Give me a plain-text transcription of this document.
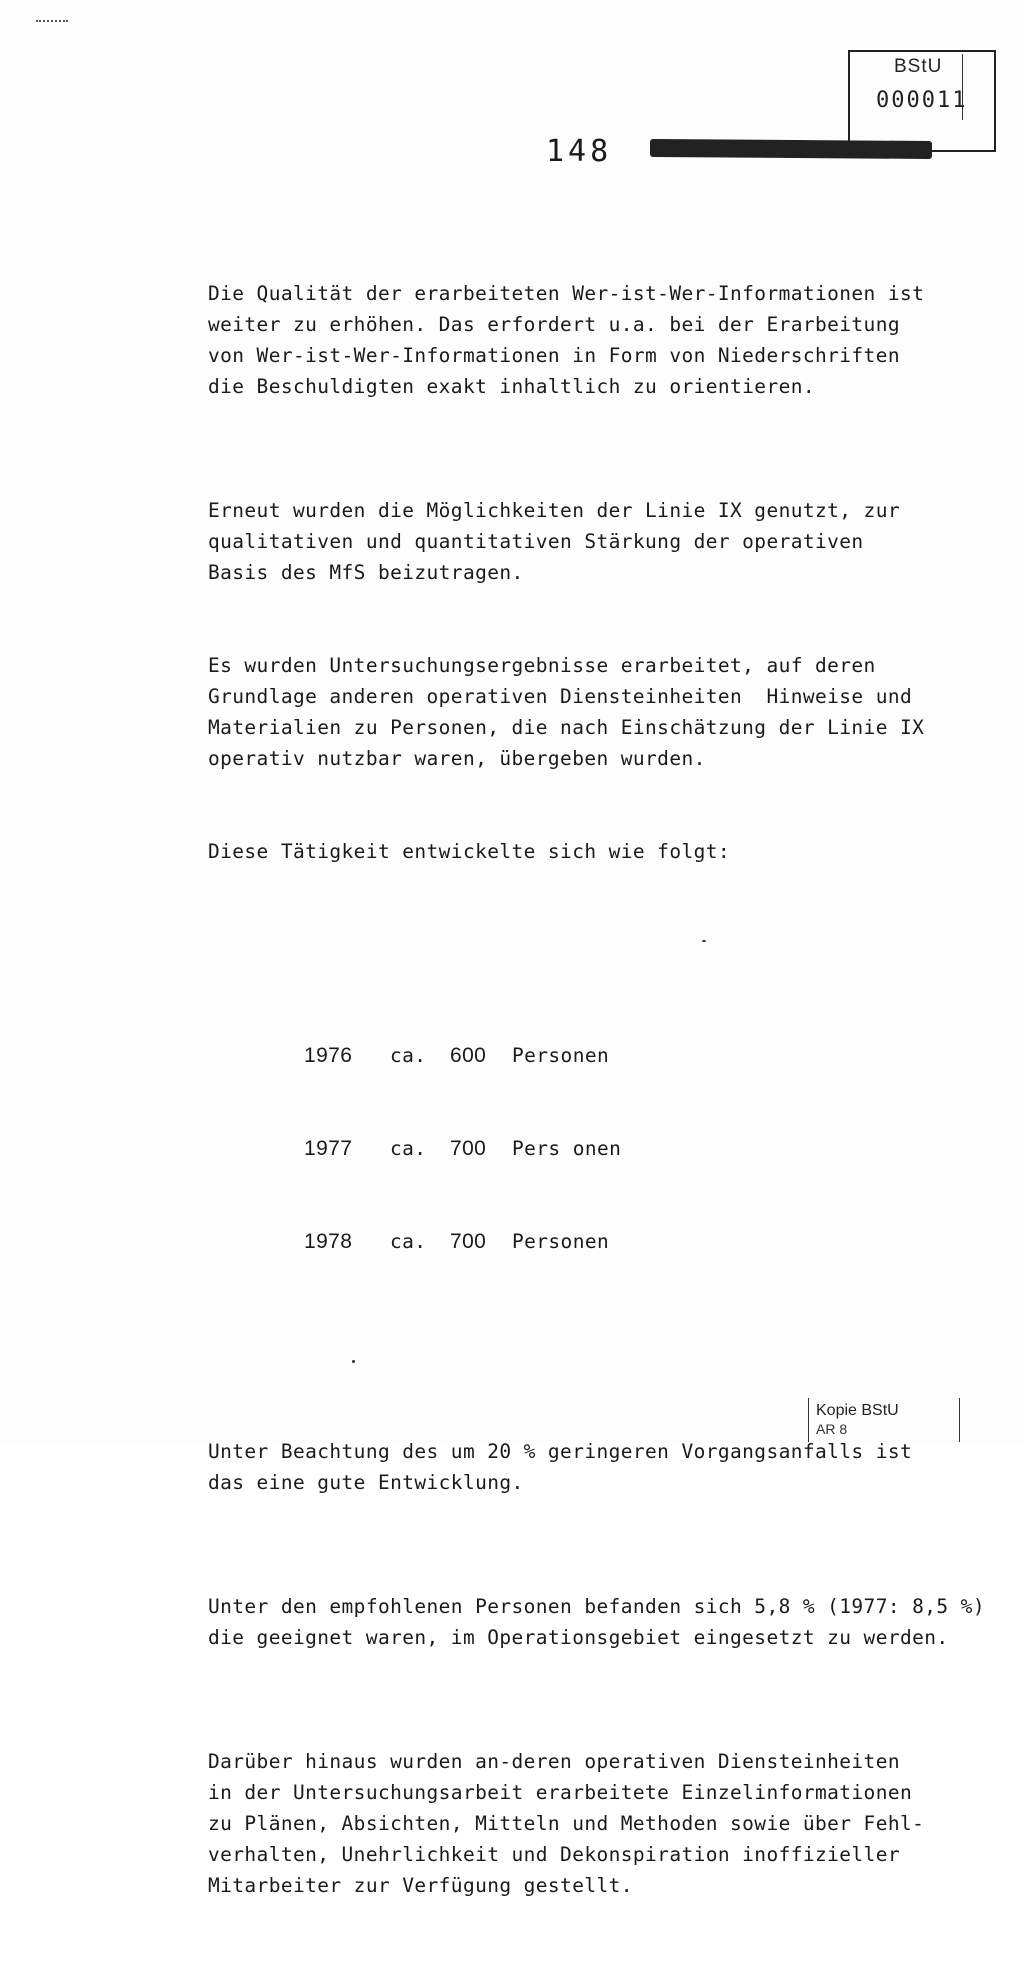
BStU
000011
148

Die Qualität der erarbeiteten Wer-ist-Wer-Informationen ist
weiter zu erhöhen. Das erfordert u.a. bei der Erarbeitung
von Wer-ist-Wer-Informationen in Form von Niederschriften
die Beschuldigten exakt inhaltlich zu orientieren.

Erneut wurden die Möglichkeiten der Linie IX genutzt, zur
qualitativen und quantitativen Stärkung der operativen
Basis des MfS beizutragen.

Es wurden Untersuchungsergebnisse erarbeitet, auf deren
Grundlage anderen operativen Diensteinheiten  Hinweise und
Materialien zu Personen, die nach Einschätzung der Linie IX
operativ nutzbar waren, übergeben wurden.

Diese Tätigkeit entwickelte sich wie folgt:

1976	ca.	600	Personen

1977	ca.	700	Pers onen

1978	ca.	700	Personen

Unter Beachtung des um 20 % geringeren Vorgangsanfalls ist
das eine gute Entwicklung.

Unter den empfohlenen Personen befanden sich 5,8 % (1977: 8,5 %)
die geeignet waren, im Operationsgebiet eingesetzt zu werden.

Darüber hinaus wurden an-deren operativen Diensteinheiten
in der Untersuchungsarbeit erarbeitete Einzelinformationen
zu Plänen, Absichten, Mitteln und Methoden sowie über Fehl-
verhalten, Unehrlichkeit und Dekonspiration inoffizieller
Mitarbeiter zur Verfügung gestellt.

Kopie BStU
AR 8
